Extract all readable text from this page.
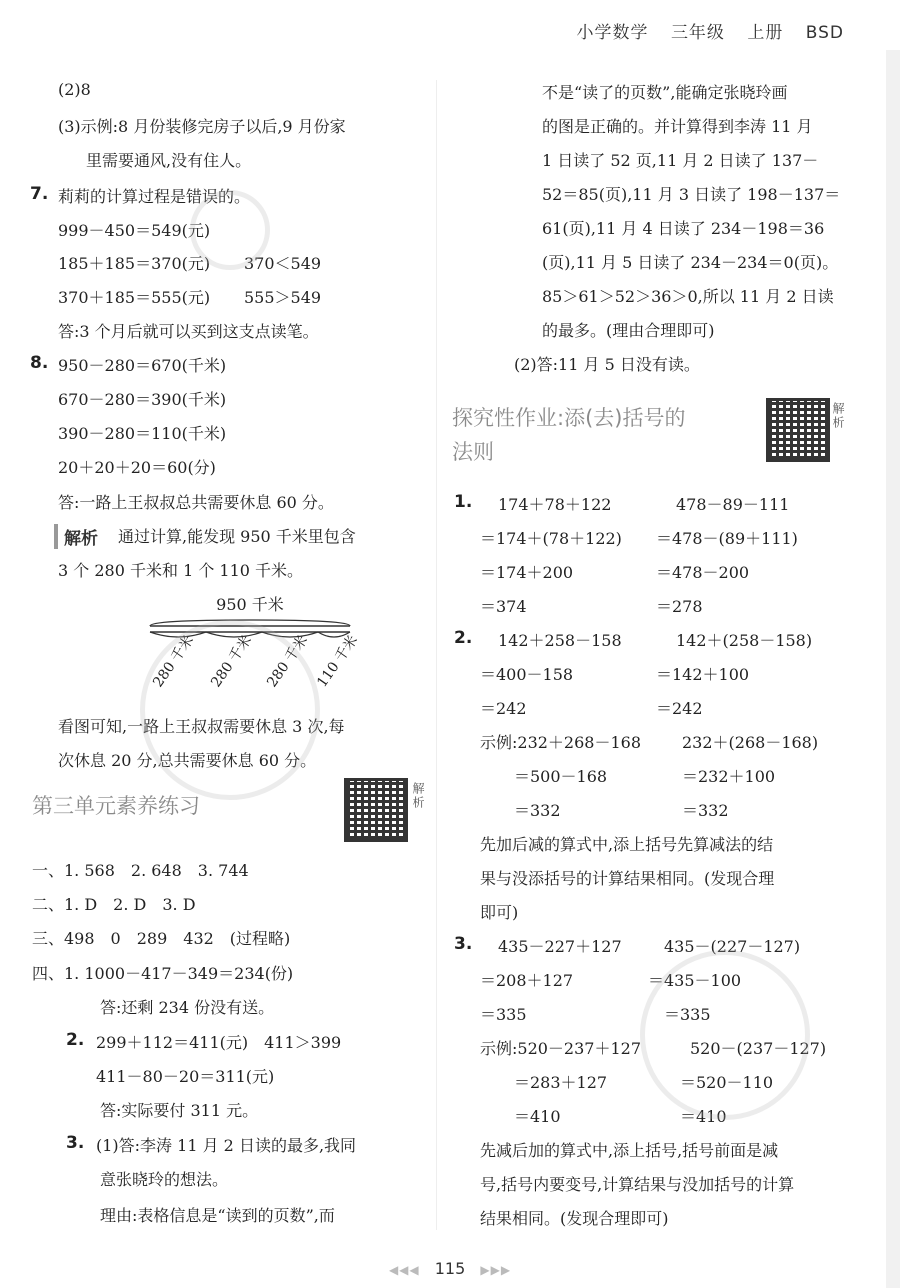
小学数学 三年级 上册 BSD
(2)8
(3)示例:8 月份装修完房子以后,9 月份家
里需要通风,没有住人。
7. 莉莉的计算过程是错误的。
999－450＝549(元)
185＋185＝370(元) 370＜549
370＋185＝555(元) 555＞549
答:3 个月后就可以买到这支点读笔。
8. 950－280＝670(千米)
670－280＝390(千米)
390－280＝110(千米)
20＋20＋20＝60(分)
答:一路上王叔叔总共需要休息 60 分。
解析 通过计算,能发现 950 千米里包含
3 个 280 千米和 1 个 110 千米。
950 千米
280 千米 280 千米 280 千米 110 千米
看图可知,一路上王叔叔需要休息 3 次,每
次休息 20 分,总共需要休息 60 分。
第三单元素养练习	解析
一、1. 568　2. 648　3. 744
二、1. D　2. D　3. D
三、498　0　289　432　(过程略)
四、1. 1000－417－349＝234(份)
答:还剩 234 份没有送。
2. 299＋112＝411(元)　411＞399
411－80－20＝311(元)
答:实际要付 311 元。
3. (1)答:李涛 11 月 2 日读的最多,我同
意张晓玲的想法。
理由:表格信息是“读到的页数”,而
不是“读了的页数”,能确定张晓玲画
的图是正确的。并计算得到李涛 11 月
1 日读了 52 页,11 月 2 日读了 137－
52＝85(页),11 月 3 日读了 198－137＝
61(页),11 月 4 日读了 234－198＝36
(页),11 月 5 日读了 234－234＝0(页)。
85＞61＞52＞36＞0,所以 11 月 2 日读
的最多。(理由合理即可)
(2)答:11 月 5 日没有读。
探究性作业:添(去)括号的
法则
解析
1. 174＋78＋122	478－89－111
＝174＋(78＋122) ＝478－(89＋111)
＝174＋200	＝478－200
＝374	＝278
2. 142＋258－158	142＋(258－158)
＝400－158	＝142＋100
＝242	＝242
示例:232＋268－168	232＋(268－168)
＝500－168	＝232＋100
＝332	＝332
先加后减的算式中,添上括号先算减法的结
果与没添括号的计算结果相同。(发现合理
即可)
3. 435－227＋127	435－(227－127)
＝208＋127	＝435－100
＝335	＝335
示例:520－237＋127	520－(237－127)
＝283＋127	＝520－110
＝410	＝410
先减后加的算式中,添上括号,括号前面是减
号,括号内要变号,计算结果与没加括号的计算
结果相同。(发现合理即可)
◀◀◀ 115 ▶▶▶
